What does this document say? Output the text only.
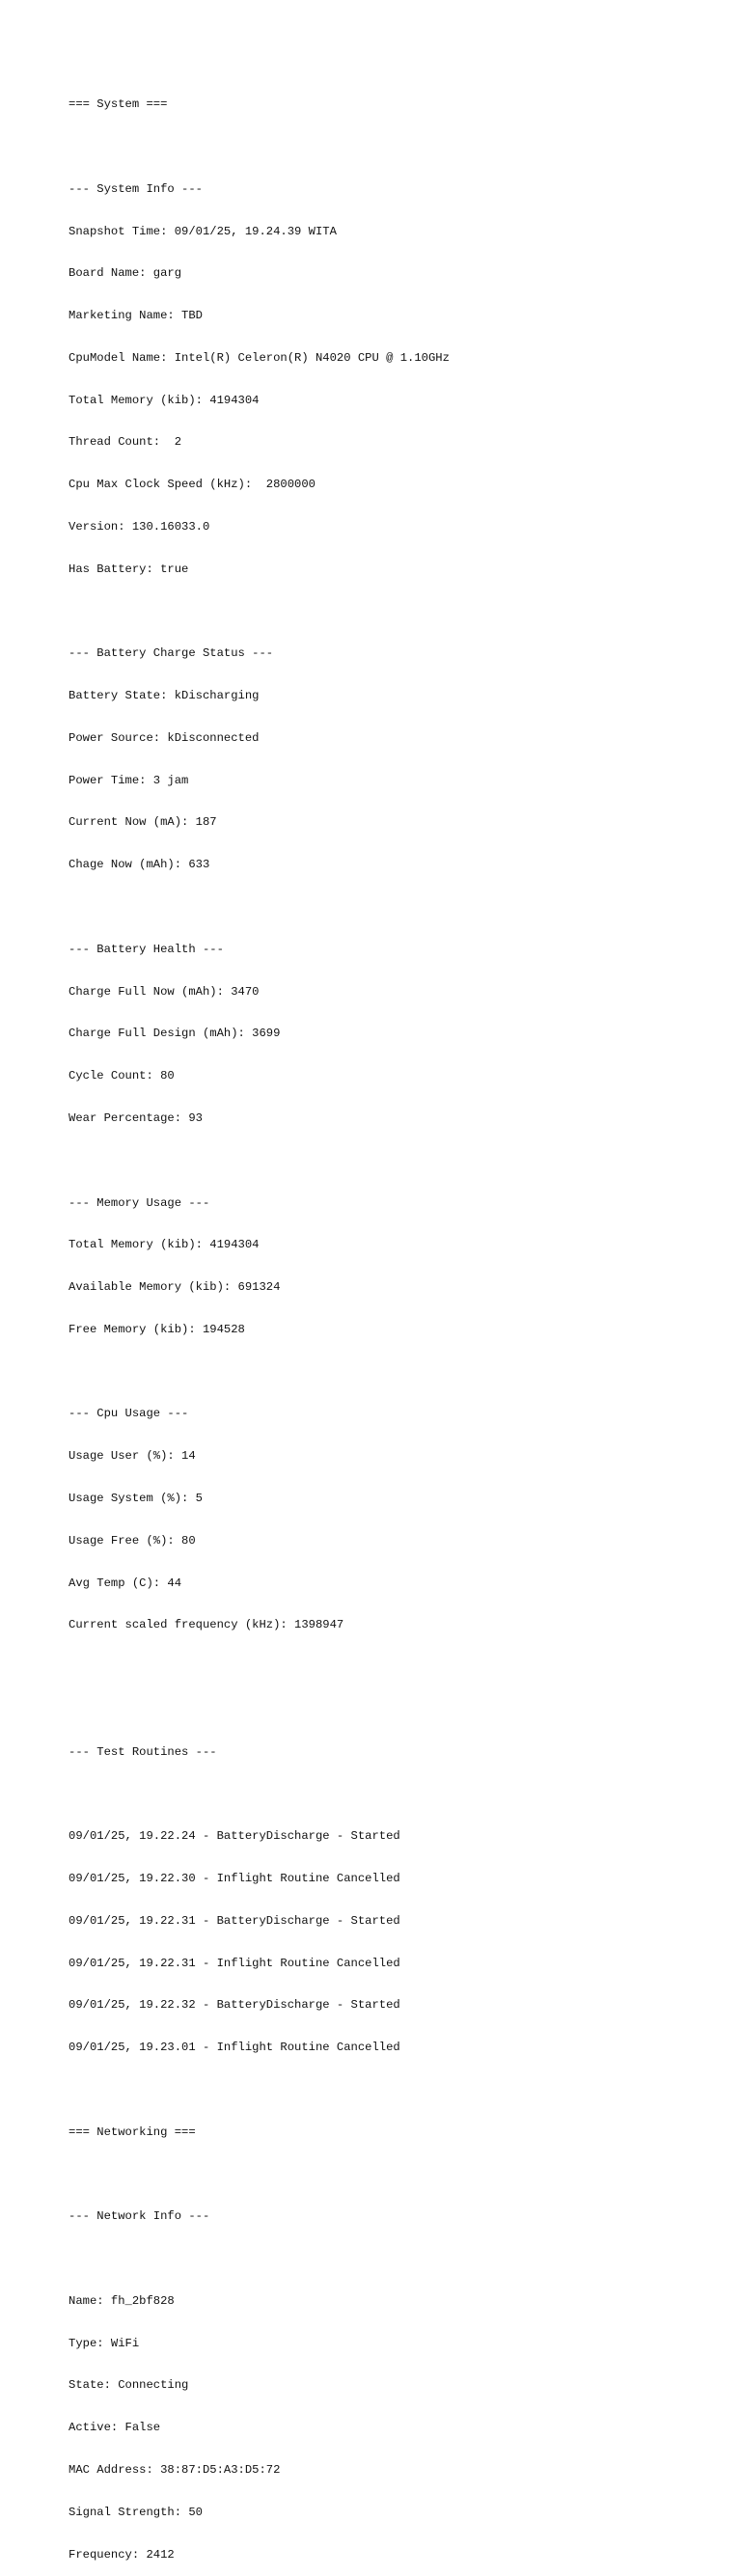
=== System ===

--- System Info ---

Snapshot Time: 09/01/25, 19.24.39 WITA

Board Name: garg

Marketing Name: TBD

CpuModel Name: Intel(R) Celeron(R) N4020 CPU @ 1.10GHz

Total Memory (kib): 4194304

Thread Count:  2

Cpu Max Clock Speed (kHz):  2800000

Version: 130.16033.0

Has Battery: true

--- Battery Charge Status ---

Battery State: kDischarging

Power Source: kDisconnected

Power Time: 3 jam

Current Now (mA): 187

Chage Now (mAh): 633

--- Battery Health ---

Charge Full Now (mAh): 3470

Charge Full Design (mAh): 3699

Cycle Count: 80

Wear Percentage: 93

--- Memory Usage ---

Total Memory (kib): 4194304

Available Memory (kib): 691324

Free Memory (kib): 194528

--- Cpu Usage ---

Usage User (%): 14

Usage System (%): 5

Usage Free (%): 80

Avg Temp (C): 44

Current scaled frequency (kHz): 1398947

--- Test Routines ---

09/01/25, 19.22.24 - BatteryDischarge - Started

09/01/25, 19.22.30 - Inflight Routine Cancelled

09/01/25, 19.22.31 - BatteryDischarge - Started

09/01/25, 19.22.31 - Inflight Routine Cancelled

09/01/25, 19.22.32 - BatteryDischarge - Started

09/01/25, 19.23.01 - Inflight Routine Cancelled

=== Networking ===

--- Network Info ---

Name: fh_2bf828

Type: WiFi

State: Connecting

Active: False

MAC Address: 38:87:D5:A3:D5:72

Signal Strength: 50

Frequency: 2412
